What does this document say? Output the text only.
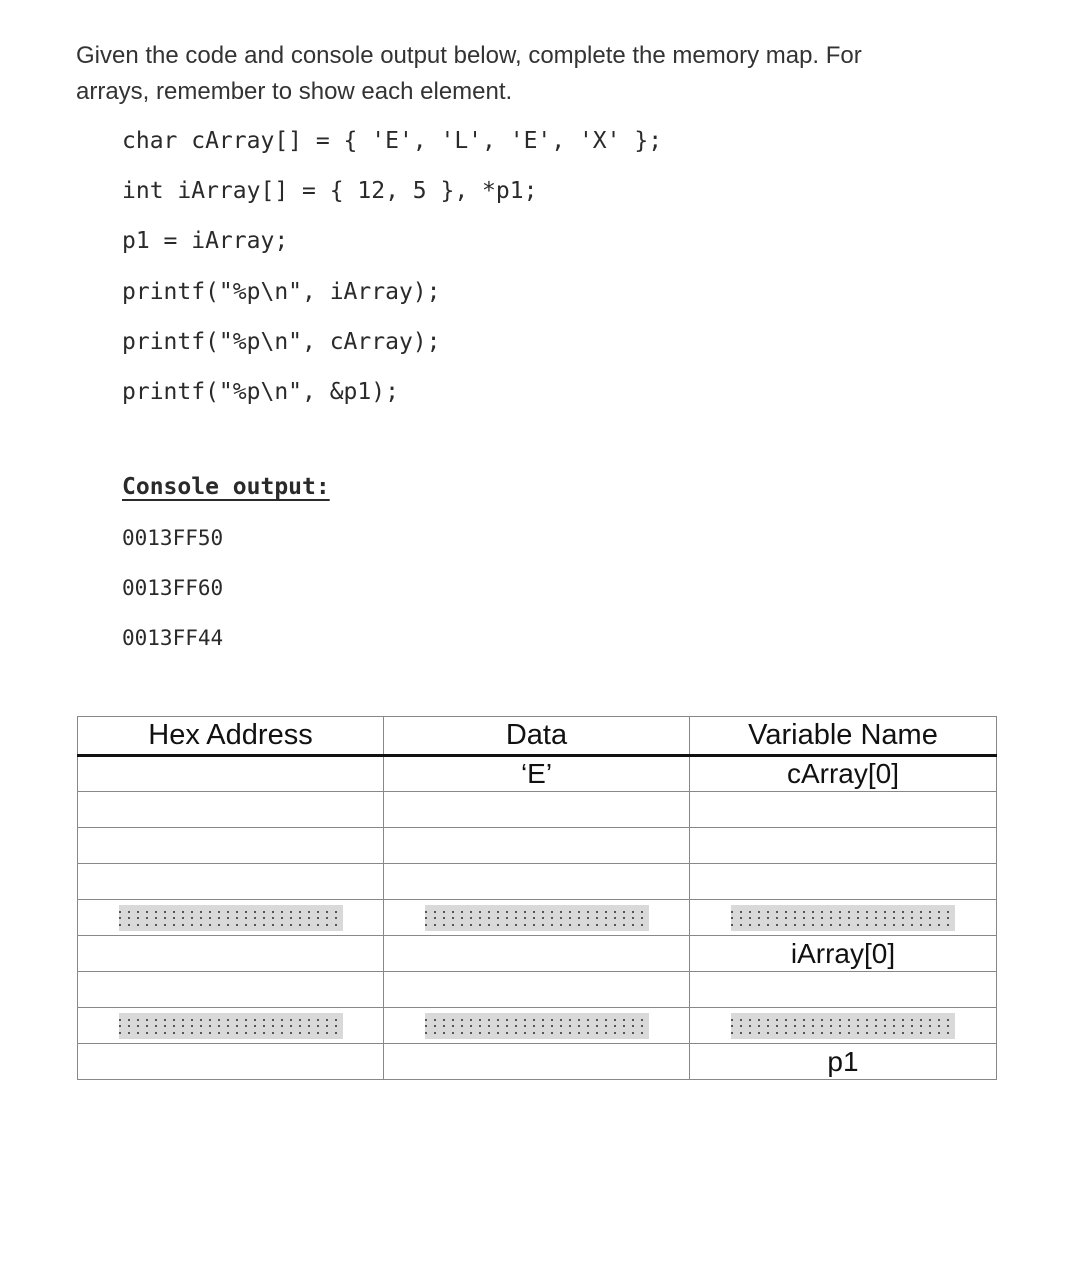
Given the code and console output below, complete the memory map. For
arrays, remember to show each element.
char cArray[] = { 'E', 'L', 'E', 'X' };
int iArray[] = { 12, 5 }, *p1;
p1 = iArray;
printf("%p\n", iArray);
printf("%p\n", cArray);
printf("%p\n", &p1);
Console output:
0013FF50
0013FF60
0013FF44
Hex Address	Data	Variable Name
	‘E’	cArray[0]

		iArray[0]

		p1
